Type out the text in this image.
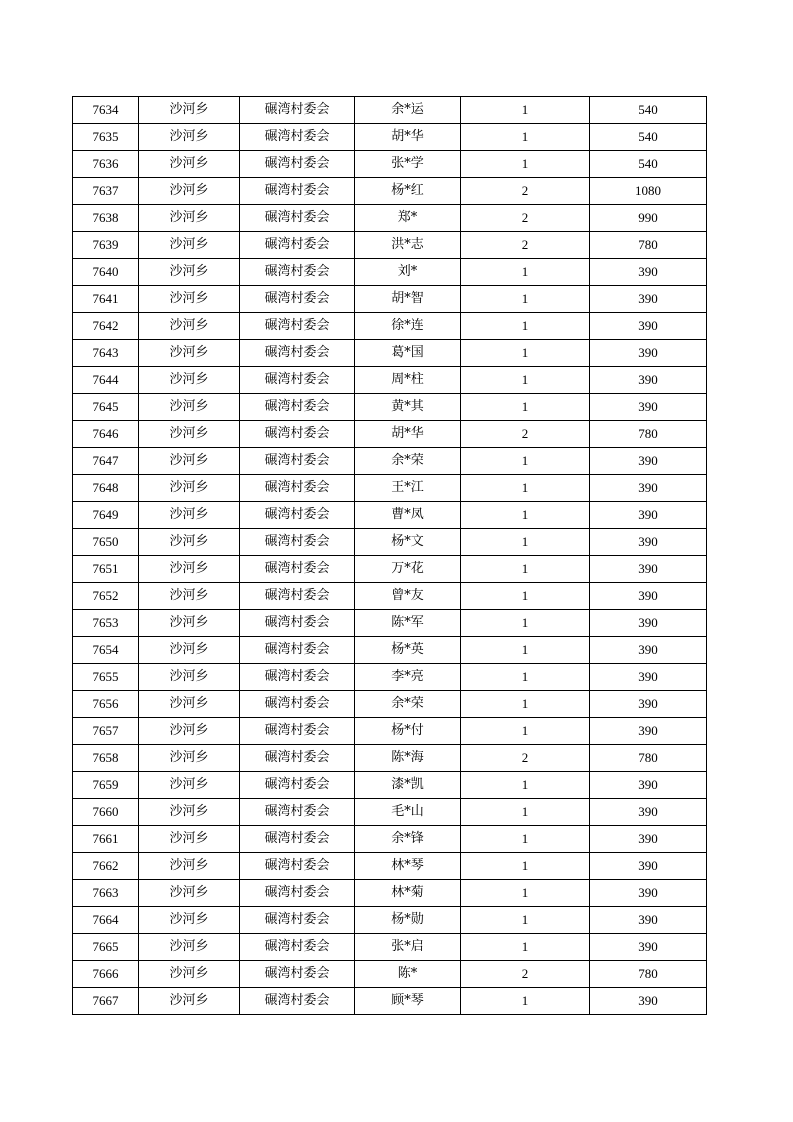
7634	沙河乡	碾湾村委会	余*运	1	540
7635	沙河乡	碾湾村委会	胡*华	1	540
7636	沙河乡	碾湾村委会	张*学	1	540
7637	沙河乡	碾湾村委会	杨*红	2	1080
7638	沙河乡	碾湾村委会	郑*	2	990
7639	沙河乡	碾湾村委会	洪*志	2	780
7640	沙河乡	碾湾村委会	刘*	1	390
7641	沙河乡	碾湾村委会	胡*智	1	390
7642	沙河乡	碾湾村委会	徐*连	1	390
7643	沙河乡	碾湾村委会	葛*国	1	390
7644	沙河乡	碾湾村委会	周*柱	1	390
7645	沙河乡	碾湾村委会	黄*其	1	390
7646	沙河乡	碾湾村委会	胡*华	2	780
7647	沙河乡	碾湾村委会	余*荣	1	390
7648	沙河乡	碾湾村委会	王*江	1	390
7649	沙河乡	碾湾村委会	曹*凤	1	390
7650	沙河乡	碾湾村委会	杨*文	1	390
7651	沙河乡	碾湾村委会	万*花	1	390
7652	沙河乡	碾湾村委会	曾*友	1	390
7653	沙河乡	碾湾村委会	陈*军	1	390
7654	沙河乡	碾湾村委会	杨*英	1	390
7655	沙河乡	碾湾村委会	李*亮	1	390
7656	沙河乡	碾湾村委会	余*荣	1	390
7657	沙河乡	碾湾村委会	杨*付	1	390
7658	沙河乡	碾湾村委会	陈*海	2	780
7659	沙河乡	碾湾村委会	漆*凯	1	390
7660	沙河乡	碾湾村委会	毛*山	1	390
7661	沙河乡	碾湾村委会	余*锋	1	390
7662	沙河乡	碾湾村委会	林*琴	1	390
7663	沙河乡	碾湾村委会	林*菊	1	390
7664	沙河乡	碾湾村委会	杨*勋	1	390
7665	沙河乡	碾湾村委会	张*启	1	390
7666	沙河乡	碾湾村委会	陈*	2	780
7667	沙河乡	碾湾村委会	顾*琴	1	390
